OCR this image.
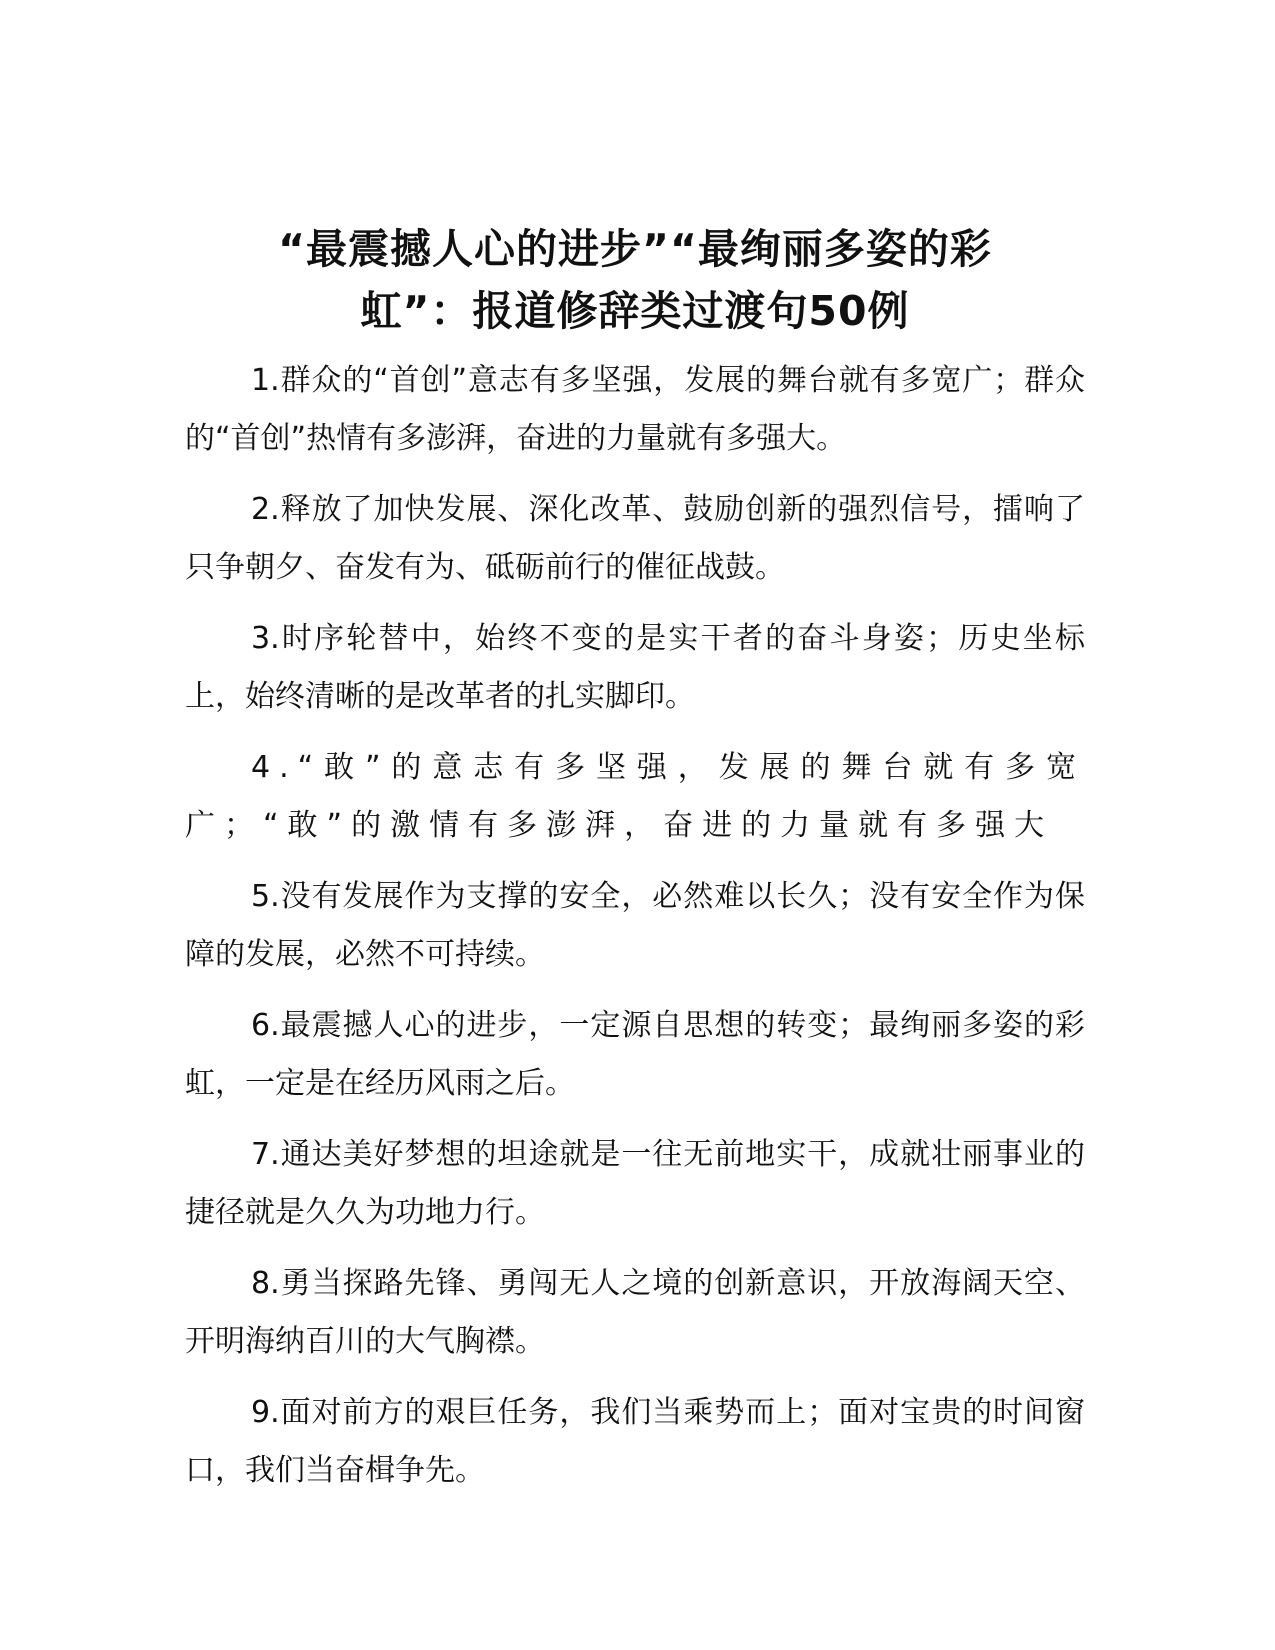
“最震撼人心的进步”“最绚丽多姿的彩
虹”：报道修辞类过渡句50例

1.群众的“首创”意志有多坚强，发展的舞台就有多宽广；群众的“首创”热情有多澎湃，奋进的力量就有多强大。

2.释放了加快发展、深化改革、鼓励创新的强烈信号，擂响了只争朝夕、奋发有为、砥砺前行的催征战鼓。

3.时序轮替中，始终不变的是实干者的奋斗身姿；历史坐标上，始终清晰的是改革者的扎实脚印。

4.“敢”的意志有多坚强，发展的舞台就有多宽广；“敢”的激情有多澎湃，奋进的力量就有多强大

5.没有发展作为支撑的安全，必然难以长久；没有安全作为保障的发展，必然不可持续。

6.最震撼人心的进步，一定源自思想的转变；最绚丽多姿的彩虹，一定是在经历风雨之后。

7.通达美好梦想的坦途就是一往无前地实干，成就壮丽事业的捷径就是久久为功地力行。

8.勇当探路先锋、勇闯无人之境的创新意识，开放海阔天空、开明海纳百川的大气胸襟。

9.面对前方的艰巨任务，我们当乘势而上；面对宝贵的时间窗口，我们当奋楫争先。
